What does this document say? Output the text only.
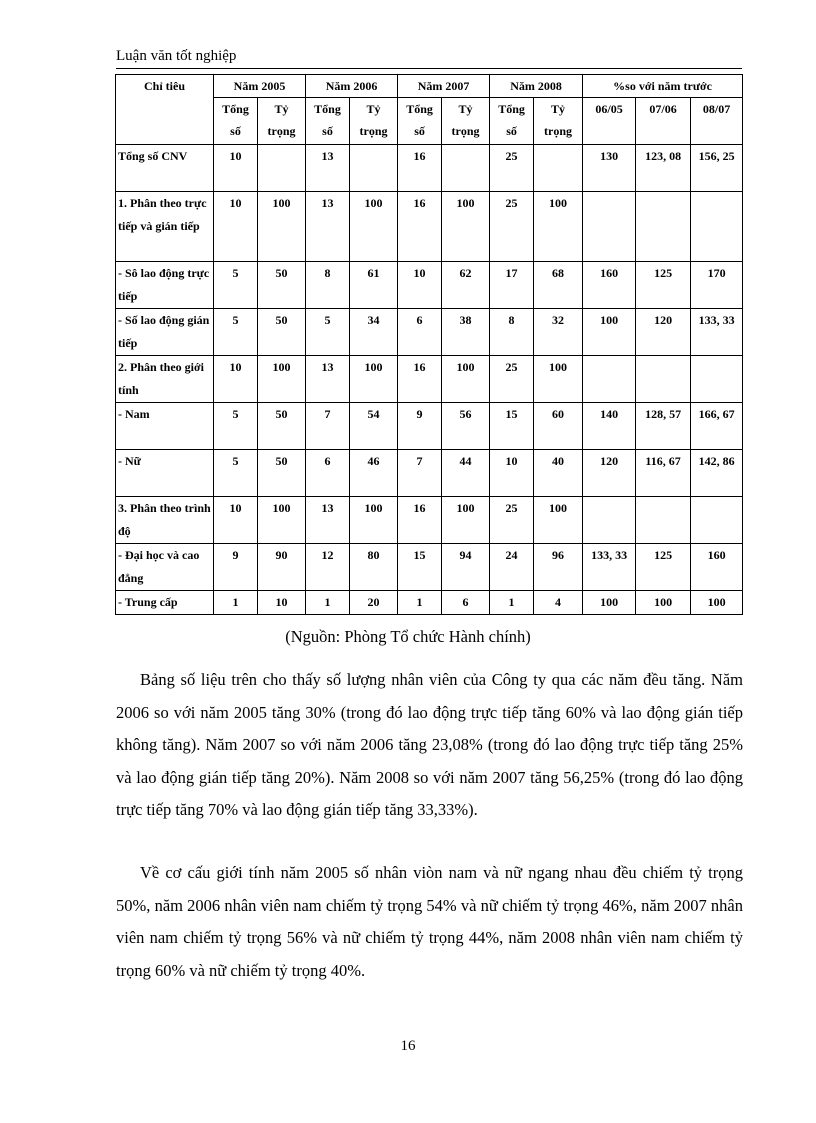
Luận văn tốt nghiệp
Chỉ tiêu	Năm 2005		Năm 2006		Năm 2007		Năm 2008		%so với năm trước		
	Tổng số	Tỷ trọng	Tổng số	Tỷ trọng	Tổng số	Tỷ trọng	Tổng số	Tỷ trọng	06/05	07/06	08/07
Tổng số CNV	10		13		16		25		130	123, 08	156, 25
1. Phân theo trực tiếp và gián tiếp	10	100	13	100	16	100	25	100			
- Sô lao động trực tiếp	5	50	8	61	10	62	17	68	160	125	170
- Số lao động gián tiếp	5	50	5	34	6	38	8	32	100	120	133, 33
2. Phân theo giới tính	10	100	13	100	16	100	25	100			
- Nam	5	50	7	54	9	56	15	60	140	128, 57	166, 67
- Nữ	5	50	6	46	7	44	10	40	120	116, 67	142, 86
3. Phân theo trình độ	10	100	13	100	16	100	25	100			
- Đại học và cao đẳng	9	90	12	80	15	94	24	96	133, 33	125	160
- Trung cấp	1	10	1	20	1	6	1	4	100	100	100
(Nguồn: Phòng Tổ chức Hành chính)
Bảng số liệu trên cho thấy số lượng nhân viên của Công ty qua các năm đều tăng. Năm 2006 so với năm 2005 tăng 30% (trong đó lao động trực tiếp tăng 60% và lao động gián tiếp không tăng). Năm 2007 so với năm 2006 tăng 23,08% (trong đó lao động trực tiếp tăng 25% và lao động gián tiếp tăng 20%). Năm 2008 so với năm 2007 tăng 56,25% (trong đó lao động trực tiếp tăng 70% và lao động gián tiếp tăng 33,33%).
Về cơ cấu giới tính năm 2005 số nhân viòn nam và nữ ngang nhau đều chiếm tỷ trọng 50%, năm 2006 nhân viên nam chiếm tỷ trọng 54% và nữ chiếm tỷ trọng 46%, năm 2007 nhân viên nam chiếm tỷ trọng 56% và nữ chiếm tỷ trọng 44%, năm 2008 nhân viên nam chiếm tỷ trọng 60% và nữ chiếm tỷ trọng 40%.
16
